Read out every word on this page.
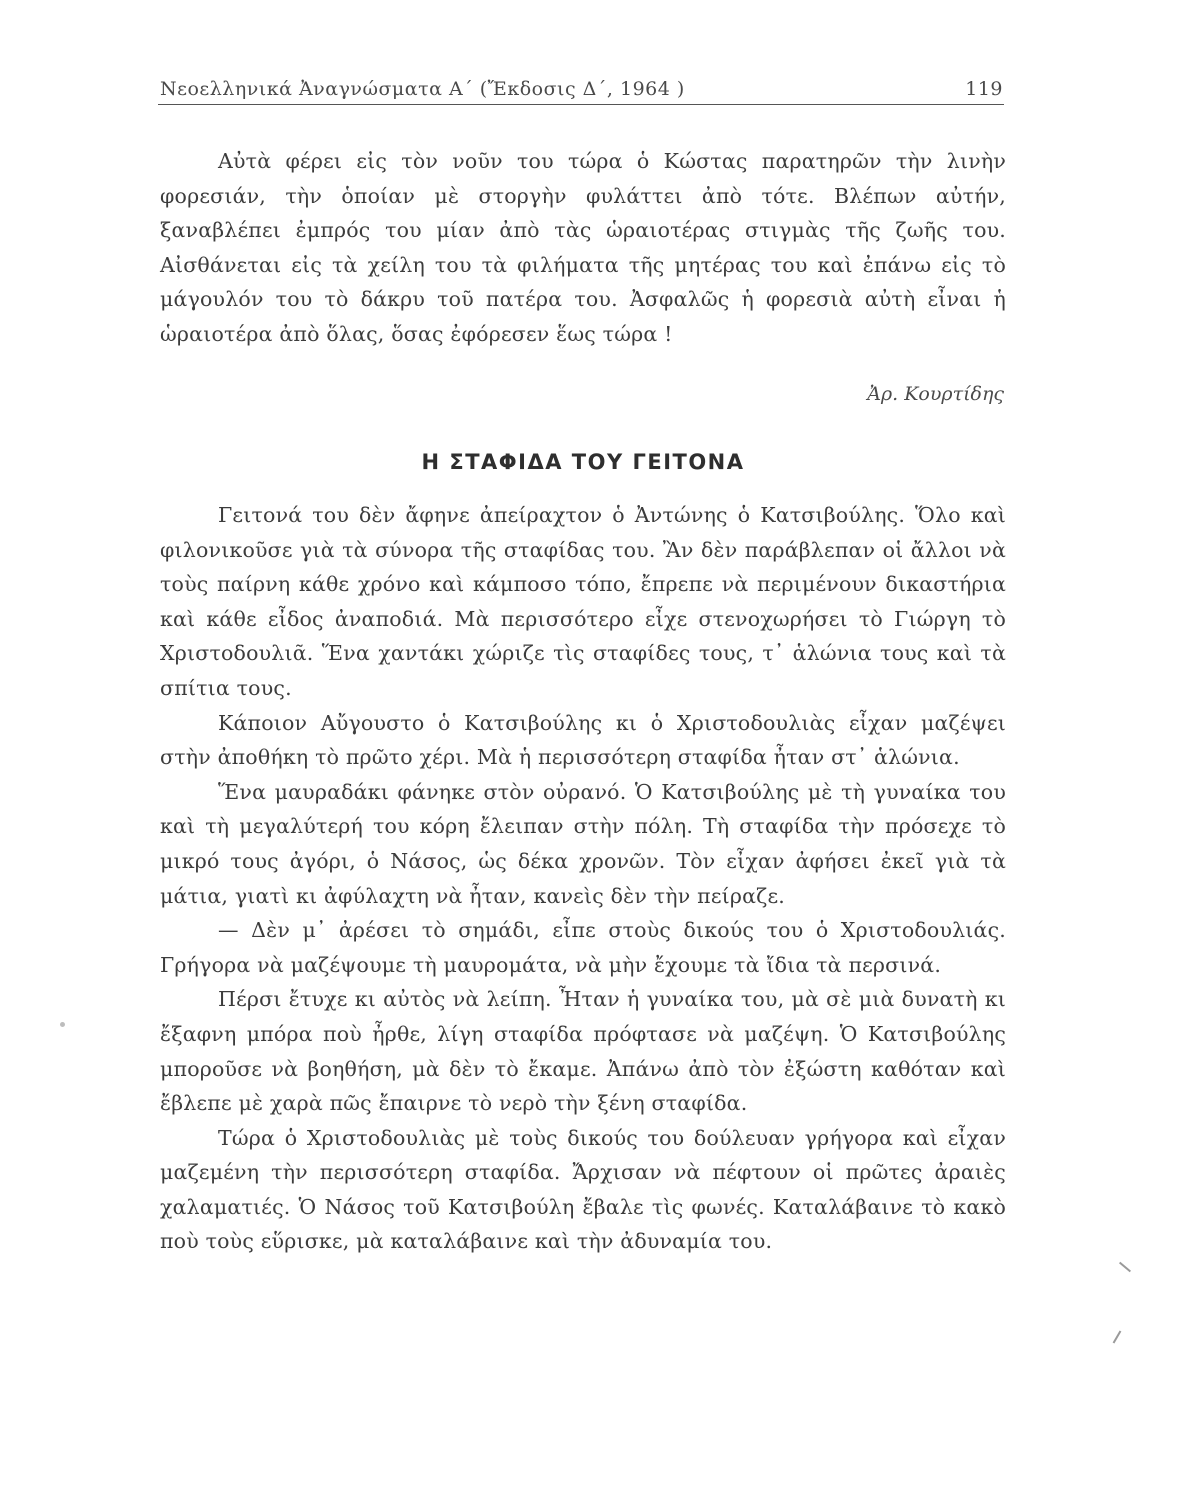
Νεοελληνικά Ἀναγνώσματα Α΄ (Ἔκδοσις Δ΄, 1964 )	119

Αὐτὰ φέρει εἰς τὸν νοῦν του τώρα ὁ Κώστας παρατηρῶν τὴν λινὴν φορεσιάν, τὴν ὁποίαν μὲ στοργὴν φυλάττει ἀπὸ τότε. Βλέπων αὐτήν, ξαναβλέπει ἐμπρός του μίαν ἀπὸ τὰς ὡραιοτέρας στιγμὰς τῆς ζωῆς του. Αἰσθάνεται εἰς τὰ χείλη του τὰ φιλήματα τῆς μητέρας του καὶ ἐπάνω εἰς τὸ μάγουλόν του τὸ δάκρυ τοῦ πατέρα του. Ἀσφαλῶς ἡ φορεσιὰ αὐτὴ εἶναι ἡ ὡραιοτέρα ἀπὸ ὅλας, ὅσας ἐφόρεσεν ἕως τώρα !

Ἀρ. Κουρτίδης
Η ΣΤΑΦΙΔΑ ΤΟΥ ΓΕΙΤΟΝΑ

Γειτονά του δὲν ἄφηνε ἀπείραχτον ὁ Ἀντώνης ὁ Κατσιβούλης. Ὅλο καὶ φιλονικοῦσε γιὰ τὰ σύνορα τῆς σταφίδας του. Ἂν δὲν παράβλεπαν οἱ ἄλλοι νὰ τοὺς παίρνη κάθε χρόνο καὶ κάμποσο τόπο, ἔπρεπε νὰ περιμένουν δικαστήρια καὶ κάθε εἶδος ἀναποδιά. Μὰ περισσότερο εἶχε στενοχωρήσει τὸ Γιώργη τὸ Χριστοδουλιᾶ. Ἕνα χαντάκι χώριζε τὶς σταφίδες τους, τ᾽ ἁλώνια τους καὶ τὰ σπίτια τους.

Κάποιον Αὔγουστο ὁ Κατσιβούλης κι ὁ Χριστοδουλιὰς εἶχαν μαζέψει στὴν ἀποθήκη τὸ πρῶτο χέρι. Μὰ ἡ περισσότερη σταφίδα ἦταν στ᾽ ἁλώνια.

Ἕνα μαυραδάκι φάνηκε στὸν οὐρανό. Ὁ Κατσιβούλης μὲ τὴ γυναίκα του καὶ τὴ μεγαλύτερή του κόρη ἔλειπαν στὴν πόλη. Τὴ σταφίδα τὴν πρόσεχε τὸ μικρό τους ἀγόρι, ὁ Νάσος, ὡς δέκα χρονῶν. Τὸν εἶχαν ἀφήσει ἐκεῖ γιὰ τὰ μάτια, γιατὶ κι ἀφύλαχτη νὰ ἦταν, κανεὶς δὲν τὴν πείραζε.

— Δὲν μ᾽ ἀρέσει τὸ σημάδι, εἶπε στοὺς δικούς του ὁ Χριστοδουλιάς. Γρήγορα νὰ μαζέψουμε τὴ μαυρομάτα, νὰ μὴν ἔχουμε τὰ ἴδια τὰ περσινά.

Πέρσι ἔτυχε κι αὐτὸς νὰ λείπη. Ἦταν ἡ γυναίκα του, μὰ σὲ μιὰ δυνατὴ κι ἔξαφνη μπόρα ποὺ ἦρθε, λίγη σταφίδα πρόφτασε νὰ μαζέψη. Ὁ Κατσιβούλης μποροῦσε νὰ βοηθήση, μὰ δὲν τὸ ἔκαμε. Ἀπάνω ἀπὸ τὸν ἐξώστη καθόταν καὶ ἔβλεπε μὲ χαρὰ πῶς ἔπαιρνε τὸ νερὸ τὴν ξένη σταφίδα.

Τώρα ὁ Χριστοδουλιὰς μὲ τοὺς δικούς του δούλευαν γρήγορα καὶ εἶχαν μαζεμένη τὴν περισσότερη σταφίδα. Ἄρχισαν νὰ πέφτουν οἱ πρῶτες ἀραιὲς χαλαματιές. Ὁ Νάσος τοῦ Κατσιβούλη ἔβαλε τὶς φωνές. Καταλάβαινε τὸ κακὸ ποὺ τοὺς εὕρισκε, μὰ καταλάβαινε καὶ τὴν ἀδυναμία του.
